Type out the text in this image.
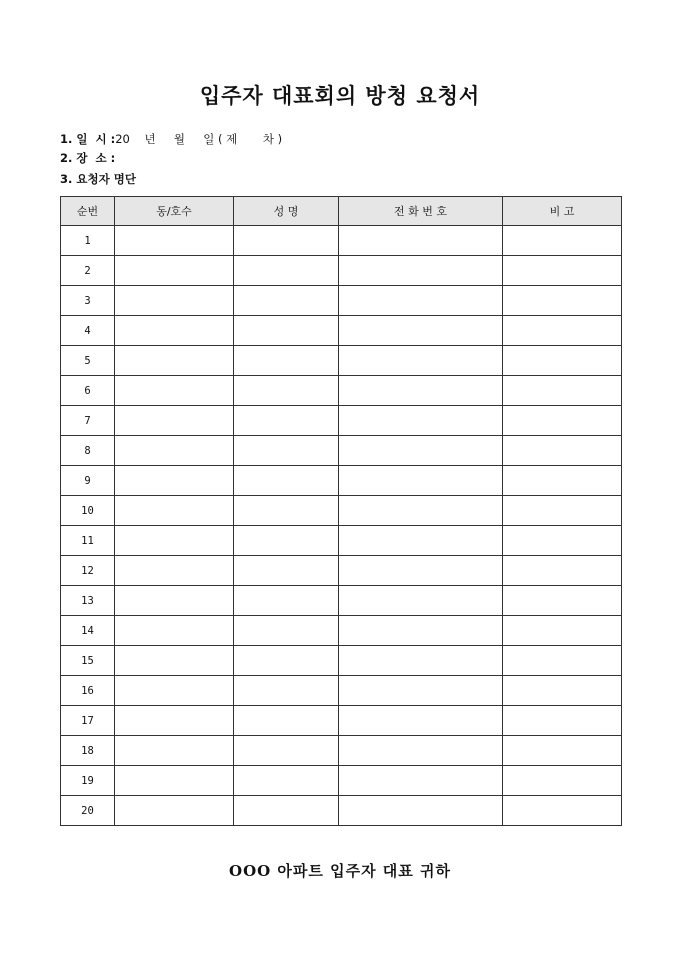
입주자 대표회의 방청 요청서
1. 일  시 :20    년     월     일 ( 제       차 )
2. 장  소 :
3. 요청자 명단
순번	동/호수	성 명	전 화 번 호	비 고
1				
2				
3				
4				
5				
6				
7				
8				
9				
10				
11				
12				
13				
14				
15				
16				
17				
18				
19				
20				
OOO 아파트 입주자 대표 귀하
